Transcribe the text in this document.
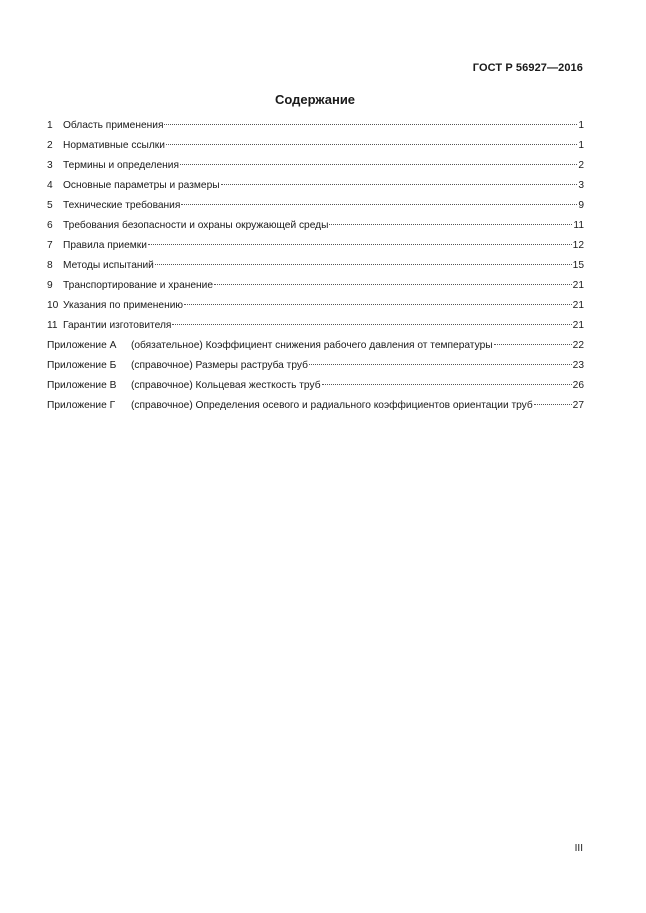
ГОСТ Р 56927—2016
Содержание
1	Область применения	1
2	Нормативные ссылки	1
3	Термины и определения	2
4	Основные параметры и размеры	3
5	Технические требования	9
6	Требования безопасности и охраны окружающей среды	11
7	Правила приемки	12
8	Методы испытаний	15
9	Транспортирование и хранение	21
10 Указания по применению	21
11 Гарантии изготовителя	21
Приложение А	(обязательное) Коэффициент снижения рабочего давления от температуры	22
Приложение Б	(справочное) Размеры раструба труб	23
Приложение В	(справочное) Кольцевая жесткость труб	26
Приложение Г	(справочное) Определения осевого и радиального коэффициентов ориентации труб	27
III
